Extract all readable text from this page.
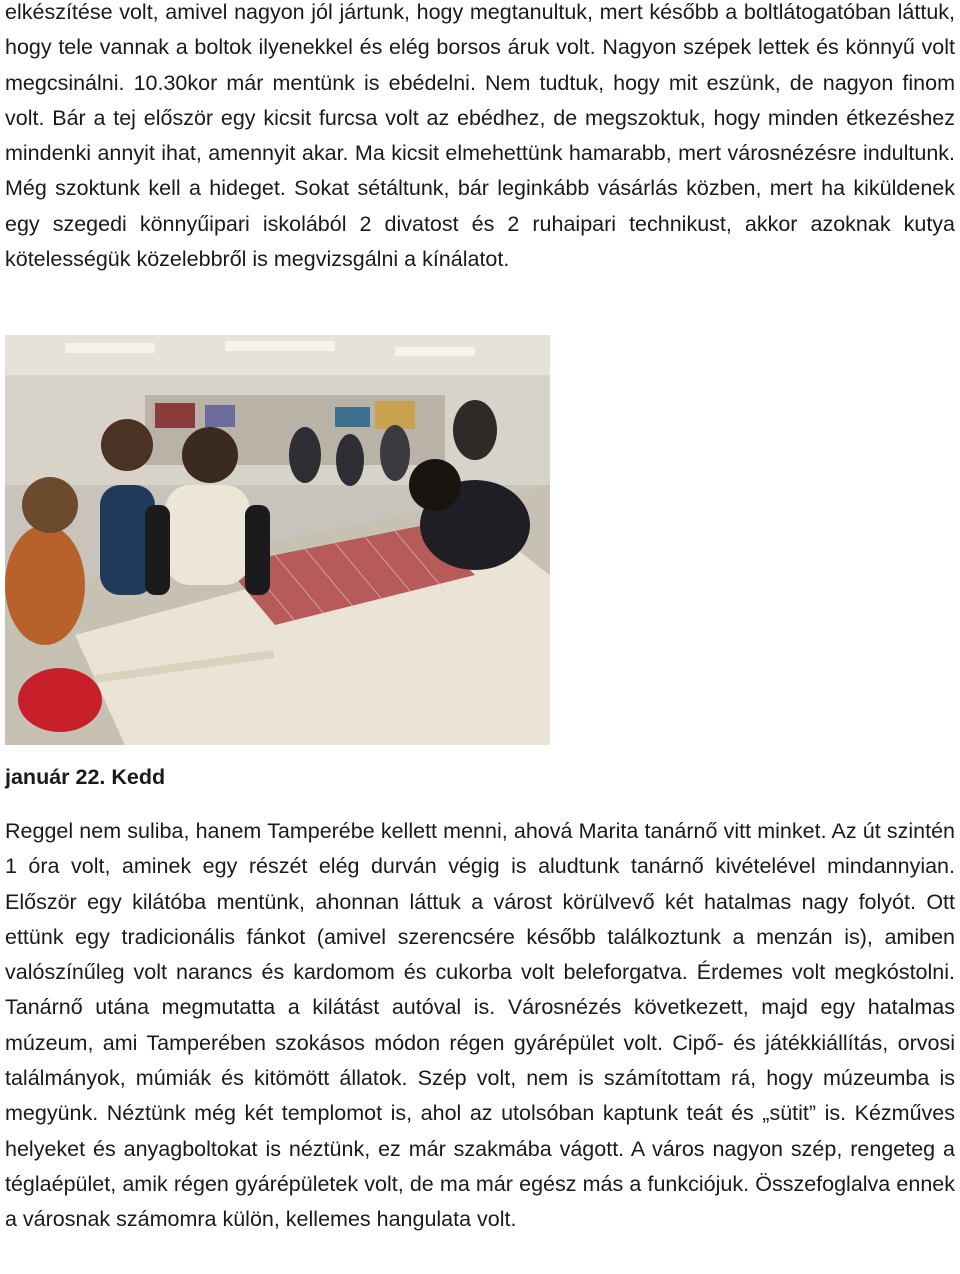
elkészítése volt, amivel nagyon jól jártunk, hogy megtanultuk, mert később a boltlátogatóban láttuk, hogy tele vannak a boltok ilyenekkel és elég borsos áruk volt. Nagyon szépek lettek és könnyű volt megcsinálni. 10.30kor már mentünk is ebédelni. Nem tudtuk, hogy mit eszünk, de nagyon finom volt. Bár a tej először egy kicsit furcsa volt az ebédhez, de megszoktuk, hogy minden étkezéshez mindenki annyit ihat, amennyit akar. Ma kicsit elmehettünk hamarabb, mert városnézésre indultunk. Még szoktunk kell a hideget. Sokat sétáltunk, bár leginkább vásárlás közben, mert ha kiküldenek egy szegedi könnyűipari iskolából 2 divatost és 2 ruhaipari technikust, akkor azoknak kutya kötelességük közelebbről is megvizsgálni a kínálatot.

január 22. Kedd

Reggel nem suliba, hanem Tamperébe kellett menni, ahová Marita tanárnő vitt minket. Az út szintén 1 óra volt, aminek egy részét elég durván végig is aludtunk tanárnő kivételével mindannyian. Először egy kilátóba mentünk, ahonnan láttuk a várost körülvevő két hatalmas nagy folyót. Ott ettünk egy tradicionális fánkot (amivel szerencsére később találkoztunk a menzán is), amiben valószínűleg volt narancs és kardomom és cukorba volt beleforgatva. Érdemes volt megkóstolni. Tanárnő utána megmutatta a kilátást autóval is. Városnézés következett, majd egy hatalmas múzeum, ami Tamperében szokásos módon régen gyárépület volt. Cipő- és játékkiállítás, orvosi találmányok, múmiák és kitömött állatok. Szép volt, nem is számítottam rá, hogy múzeumba is megyünk. Néztünk még két templomot is, ahol az utolsóban kaptunk teát és „sütit” is. Kézműves helyeket és anyagboltokat is néztünk, ez már szakmába vágott. A város nagyon szép, rengeteg a téglaépület, amik régen gyárépületek volt, de ma már egész más a funkciójuk. Összefoglalva ennek a városnak számomra külön, kellemes hangulata volt.
